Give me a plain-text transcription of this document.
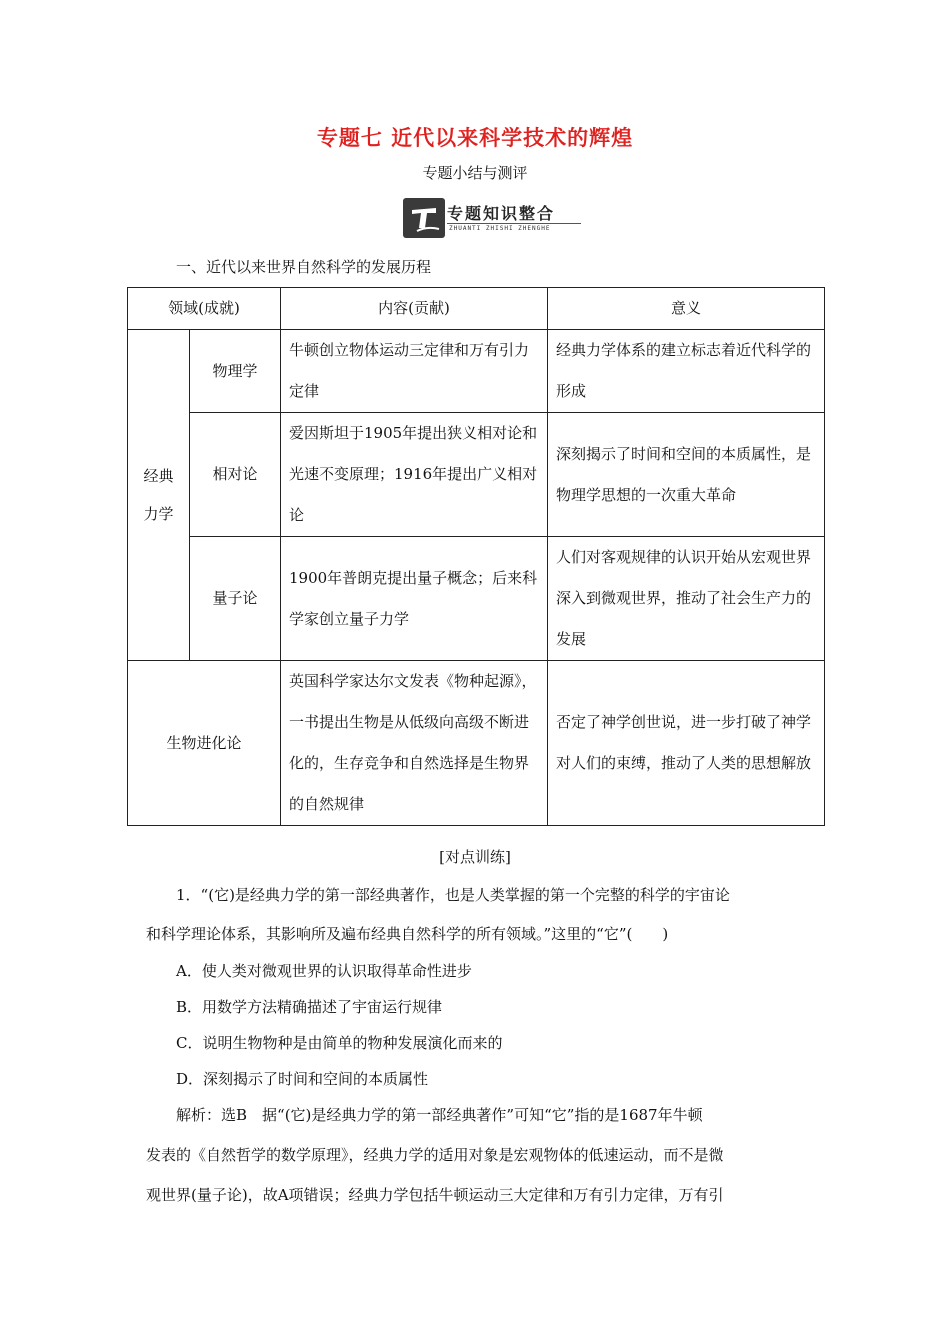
专题七 近代以来科学技术的辉煌
专题小结与测评
专题知识整合
ZHUANTI ZHISHI ZHENGHE
一、近代以来世界自然科学的发展历程
领域(成就)		内容(贡献)	意义
经典力学	物理学	牛顿创立物体运动三定律和万有引力定律	经典力学体系的建立标志着近代科学的形成
	相对论	爱因斯坦于1905年提出狭义相对论和光速不变原理；1916年提出广义相对论	深刻揭示了时间和空间的本质属性，是物理学思想的一次重大革命
	量子论	1900年普朗克提出量子概念；后来科学家创立量子力学	人们对客观规律的认识开始从宏观世界深入到微观世界，推动了社会生产力的发展
生物进化论		英国科学家达尔文发表《物种起源》，一书提出生物是从低级向高级不断进化的，生存竞争和自然选择是生物界的自然规律	否定了神学创世说，进一步打破了神学对人们的束缚，推动了人类的思想解放
[对点训练]
1．“(它)是经典力学的第一部经典著作，也是人类掌握的第一个完整的科学的宇宙论
和科学理论体系，其影响所及遍布经典自然科学的所有领域。”这里的“它”(　　)
A．使人类对微观世界的认识取得革命性进步
B．用数学方法精确描述了宇宙运行规律
C．说明生物物种是由简单的物种发展演化而来的
D．深刻揭示了时间和空间的本质属性
解析：选B　据“(它)是经典力学的第一部经典著作”可知“它”指的是1687年牛顿
发表的《自然哲学的数学原理》，经典力学的适用对象是宏观物体的低速运动，而不是微
观世界(量子论)，故A项错误；经典力学包括牛顿运动三大定律和万有引力定律，万有引
